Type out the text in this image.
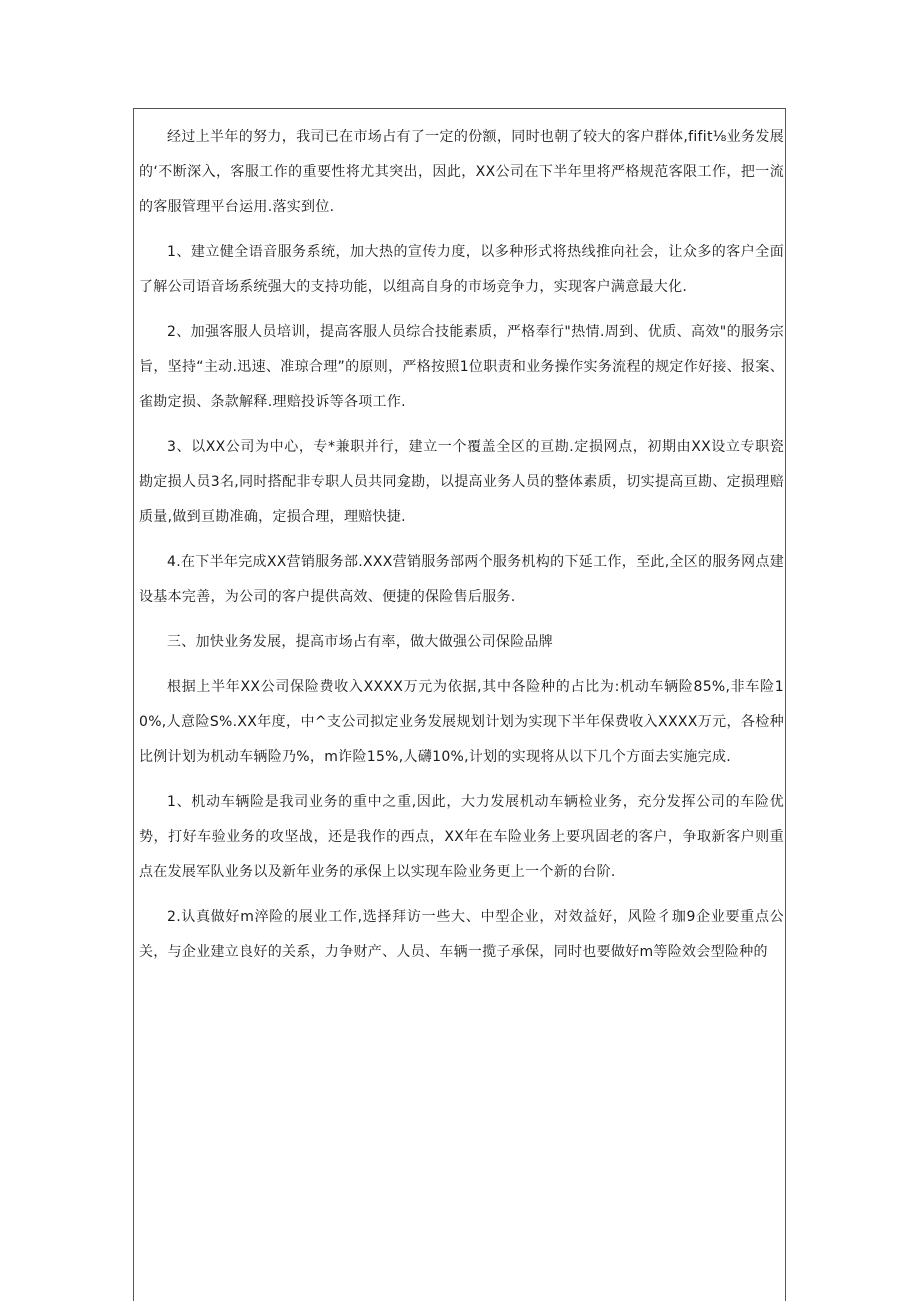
经过上半年的努力，我司已在市场占有了一定的份额，同时也朝了较大的客户群体,fifit⅛业务发展的‘不断深入，客服工作的重要性将尤其突出，因此，XX公司在下半年里将严格规范客限工作，把一流的客服管理平台运用.落实到位.

1、建立健全语音服务系统，加大热的宣传力度，以多种形式将热线推向社会，让众多的客户全面了解公司语音场系统强大的支持功能，以组高自身的市场竞争力，实现客户满意最大化.

2、加强客服人员培训，提高客服人员综合技能素质，严格奉行"热情.周到、优质、高效"的服务宗旨，坚持“主动.迅速、准琼合理”的原则，严格按照1位职责和业务操作实务流程的规定作好接、报案、雀勘定损、条款解释.理赔投诉等各项工作.

3、以XX公司为中心，专*兼职并行，建立一个覆盖全区的亘勘.定损网点，初期由XX设立专职瓷勘定损人员3名,同时搭配非专职人员共同龛勘，以提高业务人员的整体素质，切实提高亘勘、定损理赔质量,做到亘勘准确，定损合理，理赔快捷.

4.在下半年完成XX营销服务部.XXX营销服务部两个服务机构的下延工作，至此,全区的服务网点建设基本完善，为公司的客户提供高效、便捷的保险售后服务.

三、加快业务发展，提高市场占有率，做大做强公司保险品牌

根据上半年XX公司保险费收入XXXX万元为依据,其中各险种的占比为:机动车辆险85%,非车险10%,人意险S%.XX年度，中^支公司拟定业务发展规划计划为实现下半年保费收入XXXX万元，各检种比例计划为机动车辆险乃%，m诈险15%,人礴10%,计划的实现将从以下几个方面去实施完成.

1、机动车辆险是我司业务的重中之重,因此，大力发展机动车辆检业务，充分发挥公司的车险优势，打好车验业务的攻坚战，还是我作的西点，XX年在车险业务上要巩固老的客户，争取新客户则重点在发展军队业务以及新年业务的承保上以实现车险业务更上一个新的台阶.

2.认真做好m淬险的展业工作,选择拜访一些大、中型企业，对效益好，风险彳珈9企业要重点公关，与企业建立良好的关系，力争财产、人员、车辆一揽子承保，同时也要做好m等险效会型险种的
